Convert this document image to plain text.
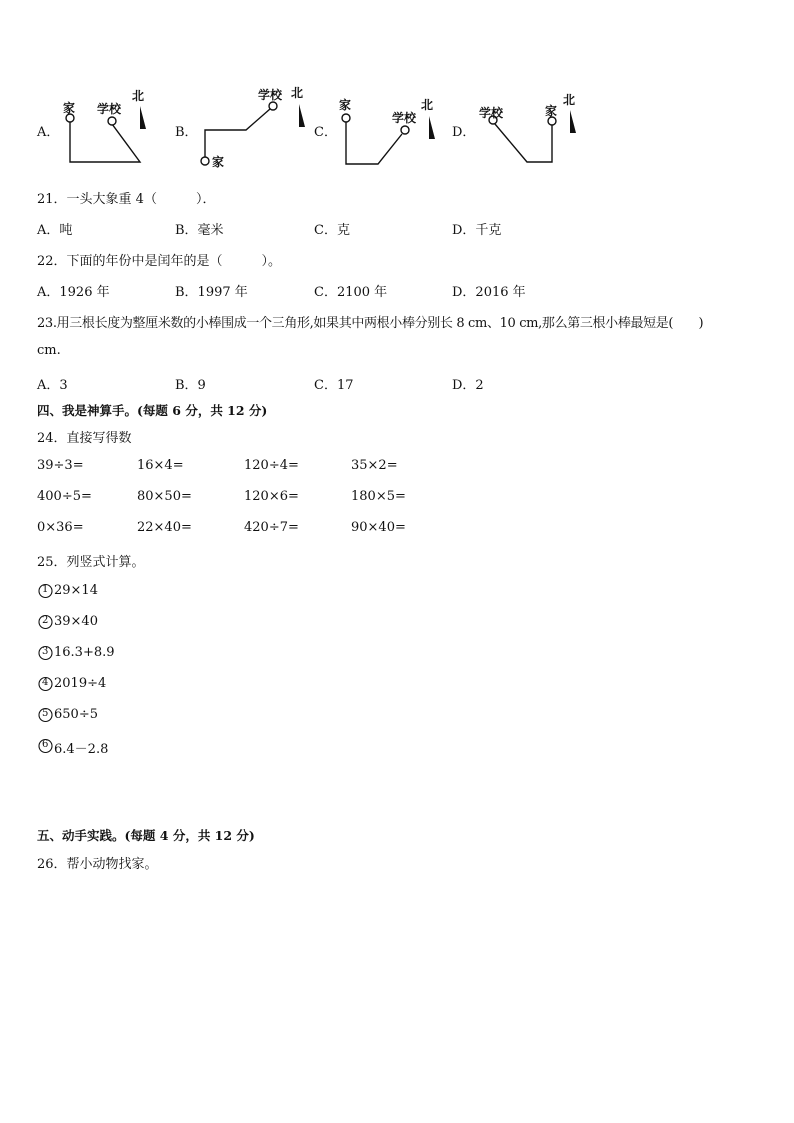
A．	B．	C．	D．
家 学校
北
家
学校 北
家
学校
北
学校	家
北
21．一头大象重 4（　　　）．
A．吨	B．毫米	C．克	D．千克
22．下面的年份中是闰年的是（　　　）。
A．1926 年	B．1997 年	C．2100 年	D．2016 年
23.用三根长度为整厘米数的小棒围成一个三角形,如果其中两根小棒分别长 8 cm、10 cm,那么第三根小棒最短是(　　)
cm.
A．3	B．9	C．17	D．2
四、我是神算手。(每题 6 分，共 12 分)
24．直接写得数
39÷3=	16×4=	120÷4=	35×2=
400÷5=	80×50=	120×6=	180×5=
0×36=	22×40=	420÷7=	90×40=
25．列竖式计算。
1 29×14
2 39×40
3 16.3+8.9
4 2019÷4
5 650÷5
6 6.4－2.8
五、动手实践。(每题 4 分，共 12 分)
26．帮小动物找家。
